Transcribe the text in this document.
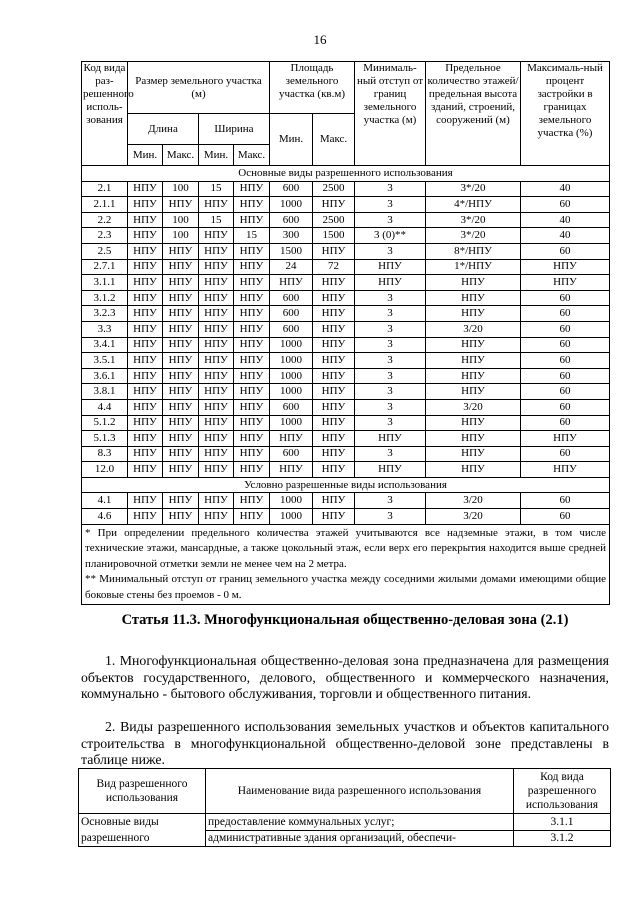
16
Код вида раз-решенного исполь-зования	Размер земельного участка (м)				Площадь земельного участка (кв.м)		Минималь-ный отступ от границ земельного участка (м)	Предельное количество этажей/ предельная высота зданий, строений, сооружений (м)	Максималь-ный процент застройки в границах земельного участка (%)
	Длина		Ширина		Мин.	Макс.			
	Мин.	Макс.	Мин.	Макс.					
Основные виды разрешенного использования									
2.1	НПУ	100	15	НПУ	600	2500	3	3*/20	40
2.1.1	НПУ	НПУ	НПУ	НПУ	1000	НПУ	3	4*/НПУ	60
2.2	НПУ	100	15	НПУ	600	2500	3	3*/20	40
2.3	НПУ	100	НПУ	15	300	1500	3 (0)**	3*/20	40
2.5	НПУ	НПУ	НПУ	НПУ	1500	НПУ	3	8*/НПУ	60
2.7.1	НПУ	НПУ	НПУ	НПУ	24	72	НПУ	1*/НПУ	НПУ
3.1.1	НПУ	НПУ	НПУ	НПУ	НПУ	НПУ	НПУ	НПУ	НПУ
3.1.2	НПУ	НПУ	НПУ	НПУ	600	НПУ	3	НПУ	60
3.2.3	НПУ	НПУ	НПУ	НПУ	600	НПУ	3	НПУ	60
3.3	НПУ	НПУ	НПУ	НПУ	600	НПУ	3	3/20	60
3.4.1	НПУ	НПУ	НПУ	НПУ	1000	НПУ	3	НПУ	60
3.5.1	НПУ	НПУ	НПУ	НПУ	1000	НПУ	3	НПУ	60
3.6.1	НПУ	НПУ	НПУ	НПУ	1000	НПУ	3	НПУ	60
3.8.1	НПУ	НПУ	НПУ	НПУ	1000	НПУ	3	НПУ	60
4.4	НПУ	НПУ	НПУ	НПУ	600	НПУ	3	3/20	60
5.1.2	НПУ	НПУ	НПУ	НПУ	1000	НПУ	3	НПУ	60
5.1.3	НПУ	НПУ	НПУ	НПУ	НПУ	НПУ	НПУ	НПУ	НПУ
8.3	НПУ	НПУ	НПУ	НПУ	600	НПУ	3	НПУ	60
12.0	НПУ	НПУ	НПУ	НПУ	НПУ	НПУ	НПУ	НПУ	НПУ
Условно разрешенные виды использования									
4.1	НПУ	НПУ	НПУ	НПУ	1000	НПУ	3	3/20	60
4.6	НПУ	НПУ	НПУ	НПУ	1000	НПУ	3	3/20	60

* При определении предельного количества этажей учитываются все надземные этажи, в том числе технические этажи, мансардные, а также цокольный этаж, если верх его перекрытия находится выше средней планировочной отметки земли не менее чем на 2 метра.
** Минимальный отступ от границ земельного участка между соседними жилыми домами имеющими общие боковые стены без проемов - 0 м.									
Статья 11.3. Многофункциональная общественно-деловая зона (2.1)

1. Многофункциональная общественно-деловая зона предназначена для размещения объектов государственного, делового, общественного и коммерческого назначения, коммунально - бытового обслуживания, торговли и общественного питания.

2. Виды разрешенного использования земельных участков и объектов капитального строительства в многофункциональной общественно-деловой зоне представлены в таблице ниже.

Вид разрешенного использования	Наименование вида разрешенного использования	Код вида разрешенного использования
Основные виды
разрешенного	предоставление коммунальных услуг;	3.1.1
	административные здания организаций, обеспечи-	3.1.2
